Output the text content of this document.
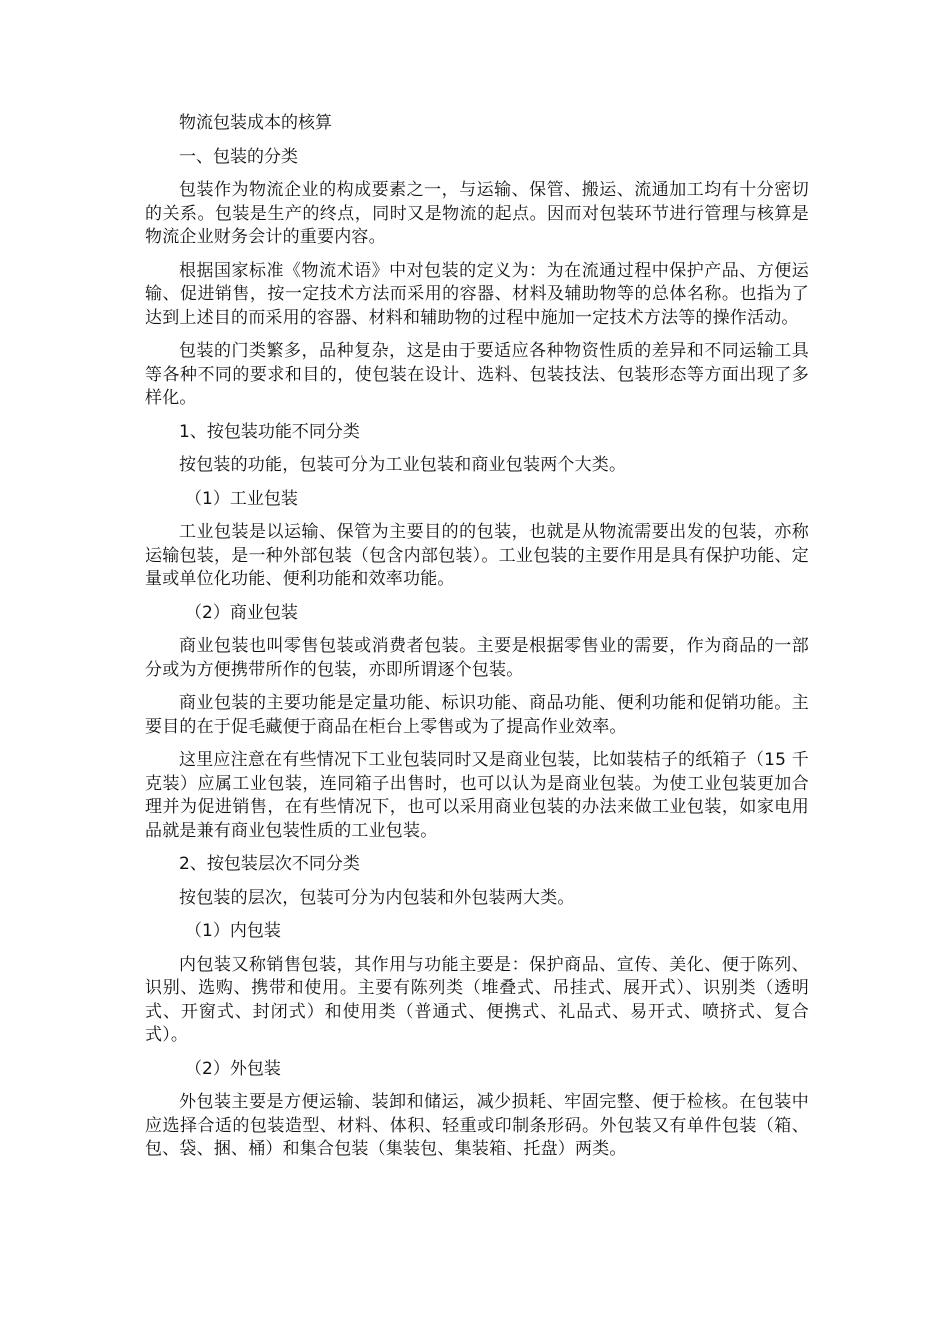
物流包装成本的核算

一、包装的分类

包装作为物流企业的构成要素之一，与运输、保管、搬运、流通加工均有十分密切的关系。包装是生产的终点，同时又是物流的起点。因而对包装环节进行管理与核算是物流企业财务会计的重要内容。

根据国家标准《物流术语》中对包装的定义为：为在流通过程中保护产品、方便运输、促进销售，按一定技术方法而采用的容器、材料及辅助物等的总体名称。也指为了达到上述目的而采用的容器、材料和辅助物的过程中施加一定技术方法等的操作活动。

包装的门类繁多，品种复杂，这是由于要适应各种物资性质的差异和不同运输工具等各种不同的要求和目的，使包装在设计、选料、包装技法、包装形态等方面出现了多样化。

1、按包装功能不同分类

按包装的功能，包装可分为工业包装和商业包装两个大类。

（1）工业包装

工业包装是以运输、保管为主要目的的包装，也就是从物流需要出发的包装，亦称运输包装，是一种外部包装（包含内部包装）。工业包装的主要作用是具有保护功能、定量或单位化功能、便利功能和效率功能。

（2）商业包装

商业包装也叫零售包装或消费者包装。主要是根据零售业的需要，作为商品的一部分或为方便携带所作的包装，亦即所谓逐个包装。

商业包装的主要功能是定量功能、标识功能、商品功能、便利功能和促销功能。主要目的在于促毛藏便于商品在柜台上零售或为了提高作业效率。

这里应注意在有些情况下工业包装同时又是商业包装，比如装桔子的纸箱子（15 千克装）应属工业包装，连同箱子出售时，也可以认为是商业包装。为使工业包装更加合理并为促进销售，在有些情况下，也可以采用商业包装的办法来做工业包装，如家电用品就是兼有商业包装性质的工业包装。

2、按包装层次不同分类

按包装的层次，包装可分为内包装和外包装两大类。

（1）内包装

内包装又称销售包装，其作用与功能主要是：保护商品、宣传、美化、便于陈列、识别、选购、携带和使用。主要有陈列类（堆叠式、吊挂式、展开式）、识别类（透明式、开窗式、封闭式）和使用类（普通式、便携式、礼品式、易开式、喷挤式、复合式）。

（2）外包装

外包装主要是方便运输、装卸和储运，减少损耗、牢固完整、便于检核。在包装中应选择合适的包装造型、材料、体积、轻重或印制条形码。外包装又有单件包装（箱、包、袋、捆、桶）和集合包装（集装包、集装箱、托盘）两类。
